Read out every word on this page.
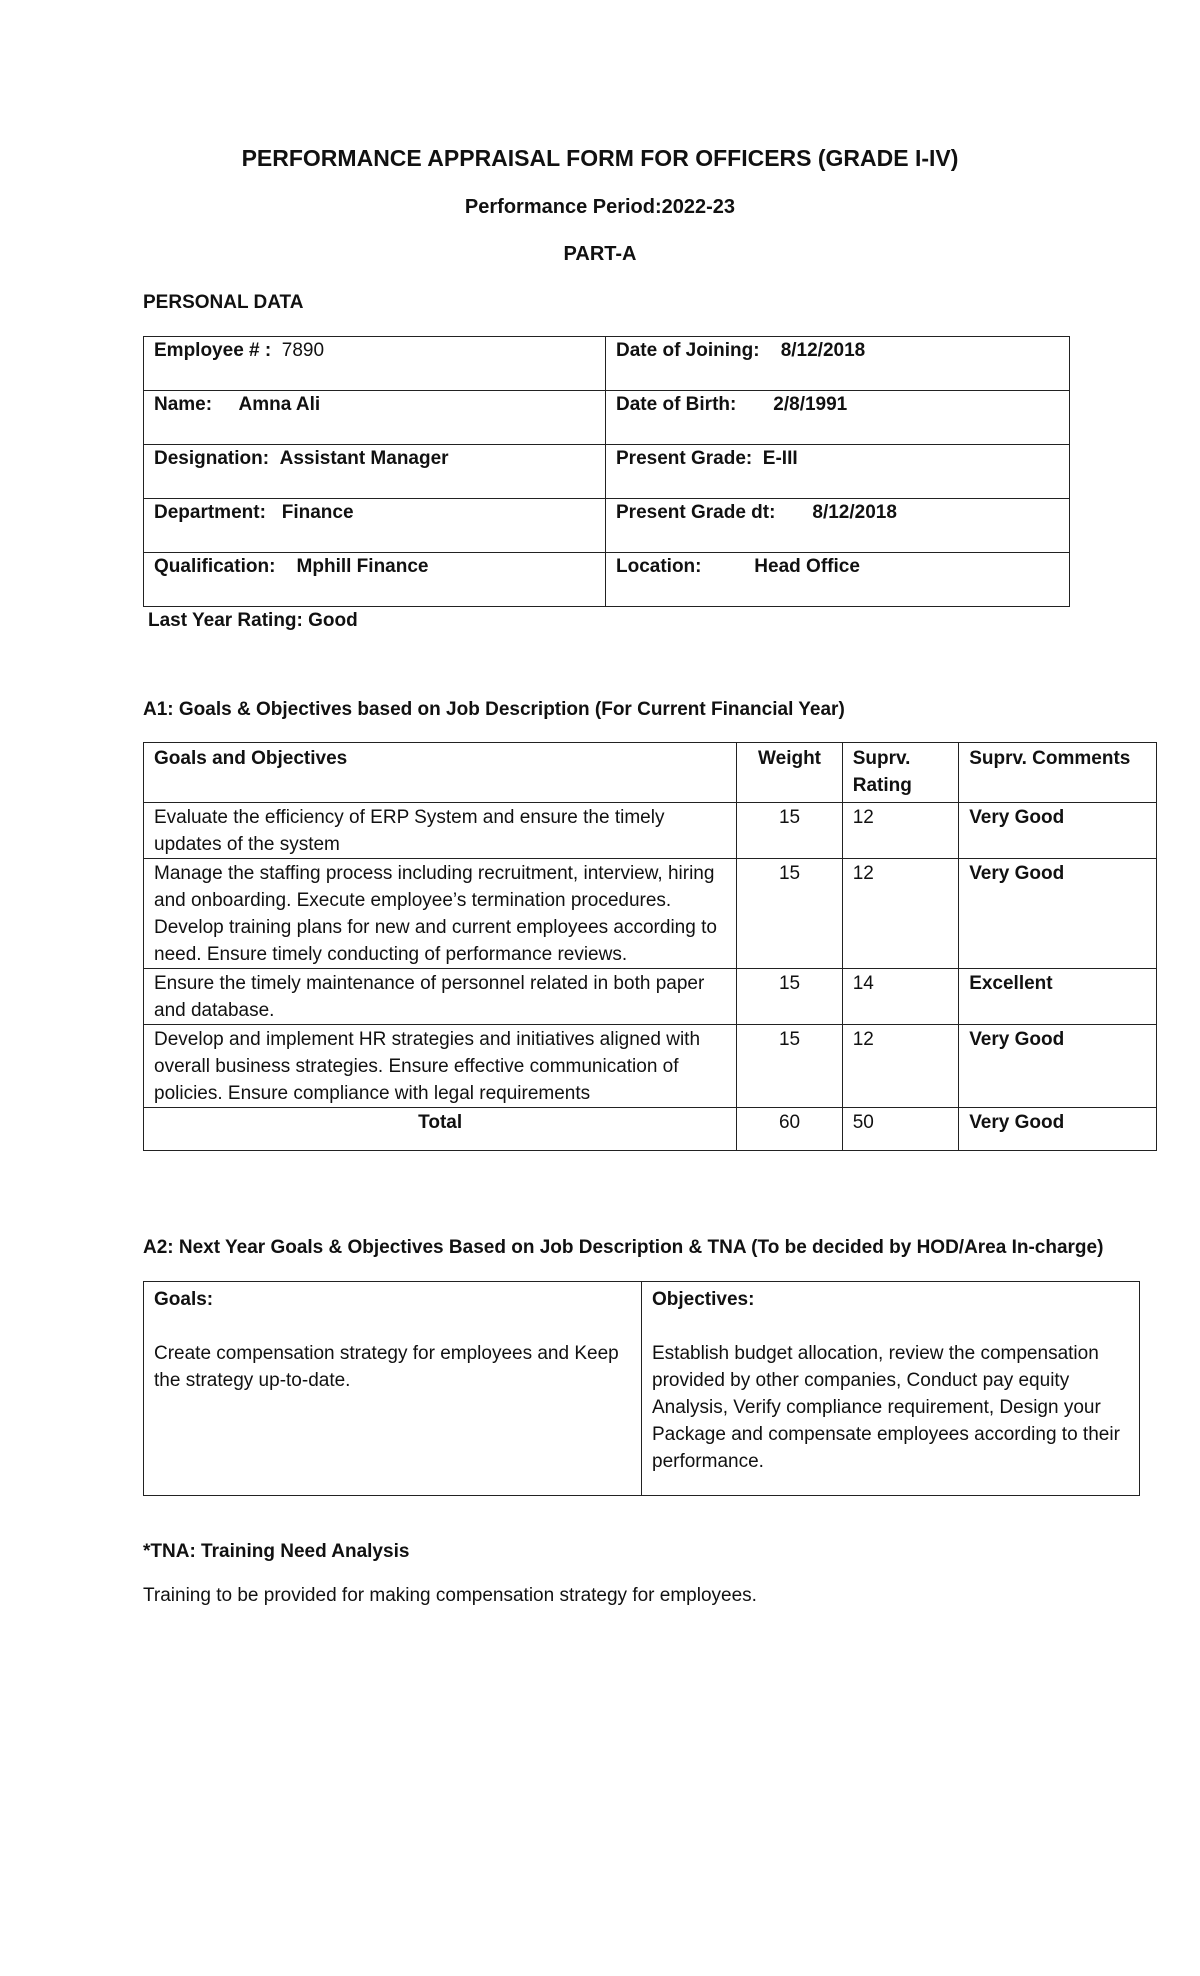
PERFORMANCE APPRAISAL FORM FOR OFFICERS (GRADE I-IV)
Performance Period:2022-23
PART-A
PERSONAL DATA
Employee # : 7890	Date of Joining: 8/12/2018
Name: Amna Ali	Date of Birth: 2/8/1991
Designation: Assistant Manager	Present Grade: E-III
Department: Finance	Present Grade dt: 8/12/2018
Qualification: Mphill Finance	Location: Head Office
Last Year Rating: Good
A1: Goals & Objectives based on Job Description (For Current Financial Year)
Goals and Objectives	Weight	Suprv. Rating	Suprv. Comments
Evaluate the efficiency of ERP System and ensure the timely updates of the system	15	12	Very Good
Manage the staffing process including recruitment, interview, hiring and onboarding. Execute employee’s termination procedures. Develop training plans for new and current employees according to need. Ensure timely conducting of performance reviews.	15	12	Very Good
Ensure the timely maintenance of personnel related in both paper and database.	15	14	Excellent
Develop and implement HR strategies and initiatives aligned with overall business strategies. Ensure effective communication of policies. Ensure compliance with legal requirements	15	12	Very Good
Total	60	50	Very Good
A2: Next Year Goals & Objectives Based on Job Description & TNA (To be decided by HOD/Area In-charge)
Goals:
Create compensation strategy for employees and Keep the strategy up-to-date.	
Objectives:
Establish budget allocation, review the compensation provided by other companies, Conduct pay equity Analysis, Verify compliance requirement, Design your Package and compensate employees according to their performance.
*TNA: Training Need Analysis
Training to be provided for making compensation strategy for employees.
